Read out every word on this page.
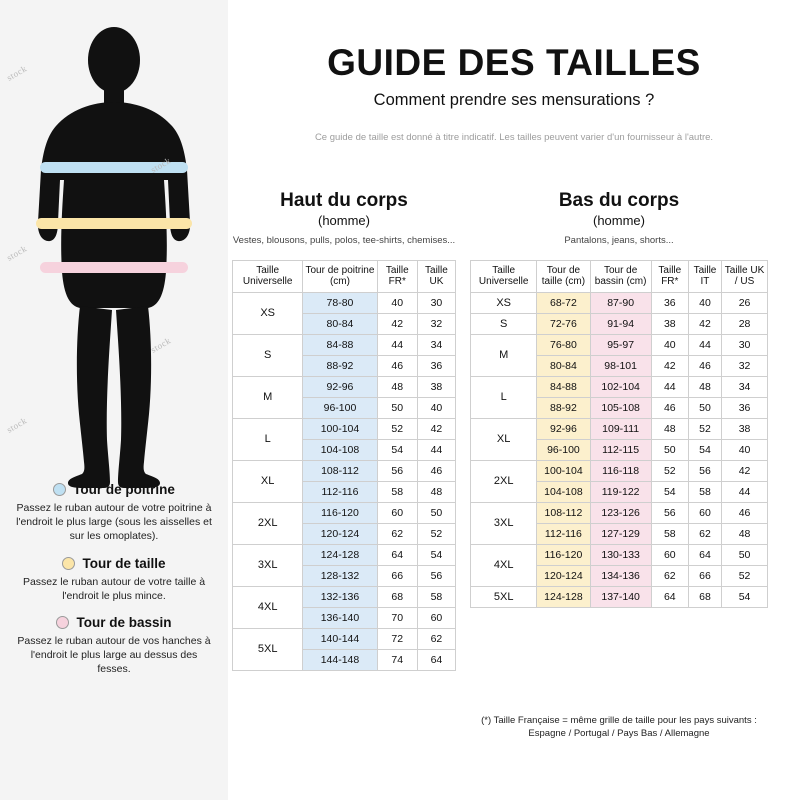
stock
stock
stock
stock
stock
Tour de poitrine
Passez le ruban autour de votre poitrine à l'endroit le plus large (sous les aisselles et sur les omoplates).
Tour de taille
Passez le ruban autour de votre taille à l'endroit le plus mince.
Tour de bassin
Passez le ruban autour de vos hanches à l'endroit le plus large au dessus des fesses.
GUIDE DES TAILLES
Comment prendre ses mensurations ?
Ce guide de taille est donné à titre indicatif. Les tailles peuvent varier d'un fournisseur à l'autre.
Haut du corps
(homme)
Vestes, blousons, pulls, polos, tee-shirts, chemises...
Taille Universelle	Tour de poitrine (cm)	Taille FR*	Taille UK
XS	78-80	40	30
	80-84	42	32
S	84-88	44	34
	88-92	46	36
M	92-96	48	38
	96-100	50	40
L	100-104	52	42
	104-108	54	44
XL	108-112	56	46
	112-116	58	48
2XL	116-120	60	50
	120-124	62	52
3XL	124-128	64	54
	128-132	66	56
4XL	132-136	68	58
	136-140	70	60
5XL	140-144	72	62
	144-148	74	64
Bas du corps
(homme)
Pantalons, jeans, shorts...
Taille Universelle	Tour de taille (cm)	Tour de bassin (cm)	Taille FR*	Taille IT	Taille UK / US
XS	68-72	87-90	36	40	26
S	72-76	91-94	38	42	28
M	76-80	95-97	40	44	30
	80-84	98-101	42	46	32
L	84-88	102-104	44	48	34
	88-92	105-108	46	50	36
XL	92-96	109-111	48	52	38
	96-100	112-115	50	54	40
2XL	100-104	116-118	52	56	42
	104-108	119-122	54	58	44
3XL	108-112	123-126	56	60	46
	112-116	127-129	58	62	48
4XL	116-120	130-133	60	64	50
	120-124	134-136	62	66	52
5XL	124-128	137-140	64	68	54
(*) Taille Française = même grille de taille pour les pays suivants : Espagne / Portugal / Pays Bas / Allemagne
